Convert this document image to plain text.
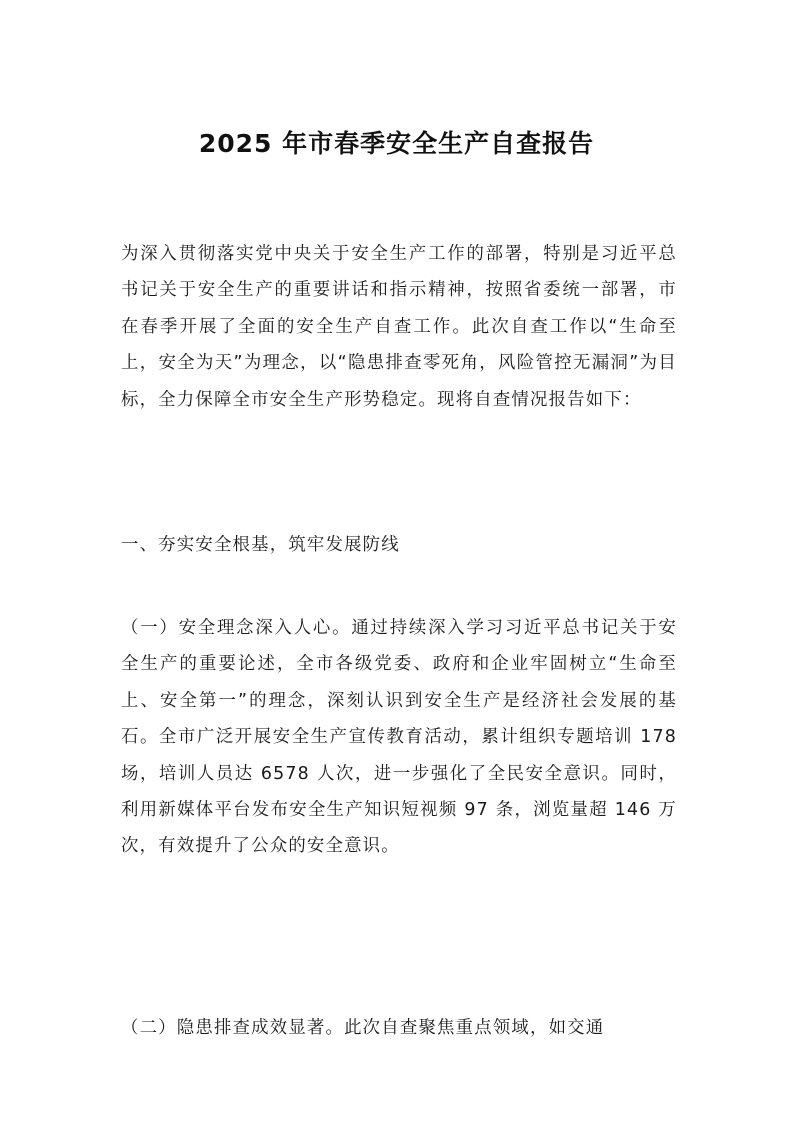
2025 年市春季安全生产自查报告

为深入贯彻落实党中央关于安全生产工作的部署，特别是习近平总书记关于安全生产的重要讲话和指示精神，按照省委统一部署，市在春季开展了全面的安全生产自查工作。此次自查工作以“生命至上，安全为天”为理念，以“隐患排查零死角，风险管控无漏洞”为目标，全力保障全市安全生产形势稳定。现将自查情况报告如下：

一、夯实安全根基，筑牢发展防线

（一）安全理念深入人心。通过持续深入学习习近平总书记关于安全生产的重要论述，全市各级党委、政府和企业牢固树立“生命至上、安全第一”的理念，深刻认识到安全生产是经济社会发展的基石。全市广泛开展安全生产宣传教育活动，累计组织专题培训 178 场，培训人员达 6578 人次，进一步强化了全民安全意识。同时，利用新媒体平台发布安全生产知识短视频 97 条，浏览量超 146 万次，有效提升了公众的安全意识。

（二）隐患排查成效显著。此次自查聚焦重点领域，如交通
